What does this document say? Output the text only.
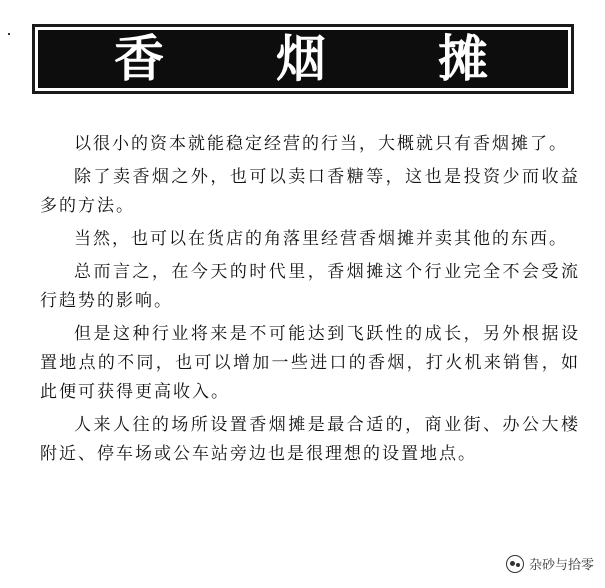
香	烟	摊

以很小的资本就能稳定经营的行当，大概就只有香烟摊了。

除了卖香烟之外，也可以卖口香糖等，这也是投资少而收益多的方法。

当然，也可以在货店的角落里经营香烟摊并卖其他的东西。

总而言之，在今天的时代里，香烟摊这个行业完全不会受流行趋势的影响。

但是这种行业将来是不可能达到飞跃性的成长，另外根据设置地点的不同，也可以增加一些进口的香烟，打火机来销售，如此便可获得更高收入。

人来人往的场所设置香烟摊是最合适的，商业街、办公大楼附近、停车场或公车站旁边也是很理想的设置地点。

杂砂与拾零
